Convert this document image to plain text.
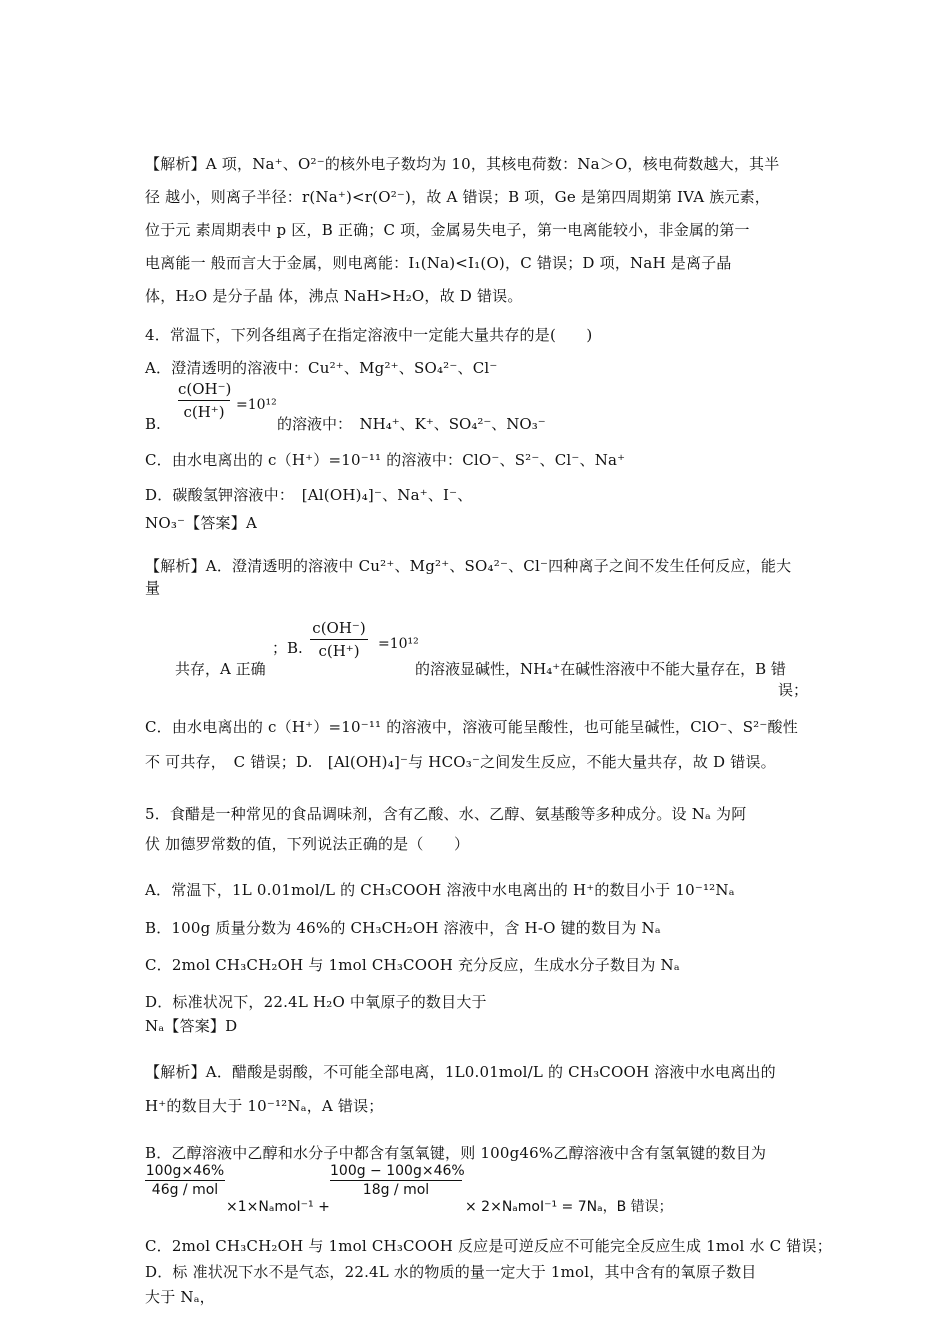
【解析】A 项，Na⁺、O²⁻的核外电子数均为 10，其核电荷数：Na＞O，核电荷数越大，其半
径 越小，则离子半径：r(Na⁺)<r(O²⁻)，故 A 错误；B 项，Ge 是第四周期第 IVA 族元素，
位于元 素周期表中 p 区，B 正确；C 项，金属易失电子，第一电离能较小，非金属的第一
电离能一 般而言大于金属，则电离能：I₁(Na)<I₁(O)，C 错误；D 项，NaH 是离子晶
体，H₂O 是分子晶 体，沸点 NaH>H₂O，故 D 错误。
4．常温下，下列各组离子在指定溶液中一定能大量共存的是(　　)
A．澄清透明的溶液中：Cu²⁺、Mg²⁺、SO₄²⁻、Cl⁻
B.
c(OH⁻)
c(H⁺) =10¹²
的溶液中：　NH₄⁺、K⁺、SO₄²⁻、NO₃⁻
C．由水电离出的 c（H⁺）=10⁻¹¹ 的溶液中：ClO⁻、S²⁻、Cl⁻、Na⁺
D．碳酸氢钾溶液中：　[Al(OH)₄]⁻、Na⁺、I⁻、
NO₃⁻【答案】A
【解析】A．澄清透明的溶液中 Cu²⁺、Mg²⁺、SO₄²⁻、Cl⁻四种离子之间不发生任何反应，能大
量
；B.
c(OH⁻)
c(H⁺)	=10¹²
共存，A 正确	的溶液显碱性，NH₄⁺在碱性溶液中不能大量存在，B 错
误；
C．由水电离出的 c（H⁺）=10⁻¹¹ 的溶液中，溶液可能呈酸性，也可能呈碱性，ClO⁻、S²⁻酸性
不 可共存，　C 错误；D.　[Al(OH)₄]⁻与 HCO₃⁻之间发生反应，不能大量共存，故 D 错误。
5．食醋是一种常见的食品调味剂，含有乙酸、水、乙醇、氨基酸等多种成分。设 Nₐ 为阿
伏 加德罗常数的值，下列说法正确的是（　　）
A．常温下，1L 0.01mol/L 的 CH₃COOH 溶液中水电离出的 H⁺的数目小于 10⁻¹²Nₐ
B．100g 质量分数为 46%的 CH₃CH₂OH 溶液中，含 H-O 键的数目为 Nₐ
C．2mol CH₃CH₂OH 与 1mol CH₃COOH 充分反应，生成水分子数目为 Nₐ
D．标准状况下，22.4L H₂O 中氧原子的数目大于
Nₐ【答案】D
【解析】A．醋酸是弱酸，不可能全部电离，1L0.01mol/L 的 CH₃COOH 溶液中水电离出的
H⁺的数目大于 10⁻¹²Nₐ，A 错误；
B．乙醇溶液中乙醇和水分子中都含有氢氧键，则 100g46%乙醇溶液中含有氢氧键的数目为
100g×46%
46g / mol
×1×NₐmoI⁻¹ +
100g − 100g×46%
18g / mol
× 2×NₐmoI⁻¹ = 7Nₐ，B 错误；
C．2mol CH₃CH₂OH 与 1mol CH₃COOH 反应是可逆反应不可能完全反应生成 1mol 水 C 错误；
D．标 准状况下水不是气态，22.4L 水的物质的量一定大于 1mol，其中含有的氧原子数目
大于 Nₐ，
